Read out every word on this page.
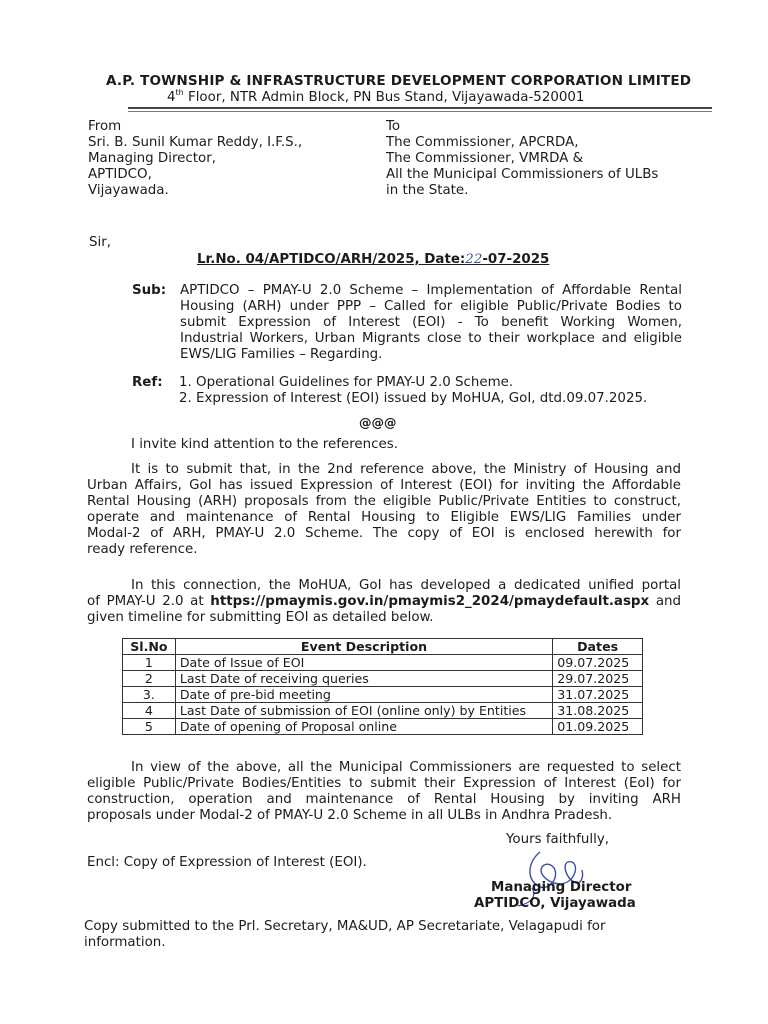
A.P. TOWNSHIP & INFRASTRUCTURE DEVELOPMENT CORPORATION LIMITED
4th Floor, NTR Admin Block, PN Bus Stand, Vijayawada-520001
From
Sri. B. Sunil Kumar Reddy, I.F.S.,
Managing Director,
APTIDCO,
Vijayawada.
To
The Commissioner, APCRDA,
The Commissioner, VMRDA &
All the Municipal Commissioners of ULBs
in the State.
Sir,
Lr.No. 04/APTIDCO/ARH/2025, Date:22-07-2025
Sub: APTIDCO – PMAY-U 2.0 Scheme – Implementation of Affordable Rental
Housing (ARH) under PPP – Called for eligible Public/Private Bodies to
submit Expression of Interest (EOI) - To benefit Working Women,
Industrial Workers, Urban Migrants close to their workplace and eligible
EWS/LIG Families – Regarding.
Ref: 1. Operational Guidelines for PMAY-U 2.0 Scheme.
2. Expression of Interest (EOI) issued by MoHUA, GoI, dtd.09.07.2025.
@@@
I invite kind attention to the references.
It is to submit that, in the 2nd reference above, the Ministry of Housing and
Urban Affairs, GoI has issued Expression of Interest (EOI) for inviting the Affordable
Rental Housing (ARH) proposals from the eligible Public/Private Entities to construct,
operate and maintenance of Rental Housing to Eligible EWS/LIG Families under
Modal-2 of ARH, PMAY-U 2.0 Scheme. The copy of EOI is enclosed herewith for
ready reference.
In this connection, the MoHUA, GoI has developed a dedicated unified portal
of PMAY-U 2.0 at https://pmaymis.gov.in/pmaymis2_2024/pmaydefault.aspx and
given timeline for submitting EOI as detailed below.
Sl.No	Event Description	Dates
1	Date of Issue of EOI	09.07.2025
2	Last Date of receiving queries	29.07.2025
3.	Date of pre-bid meeting	31.07.2025
4	Last Date of submission of EOI (online only) by Entities	31.08.2025
5	Date of opening of Proposal online	01.09.2025
In view of the above, all the Municipal Commissioners are requested to select
eligible Public/Private Bodies/Entities to submit their Expression of Interest (EoI) for
construction, operation and maintenance of Rental Housing by inviting ARH
proposals under Modal-2 of PMAY-U 2.0 Scheme in all ULBs in Andhra Pradesh.
Yours faithfully,
Encl: Copy of Expression of Interest (EOI).
Managing Director
APTIDCO, Vijayawada
Copy submitted to the Prl. Secretary, MA&UD, AP Secretariate, Velagapudi for
information.
